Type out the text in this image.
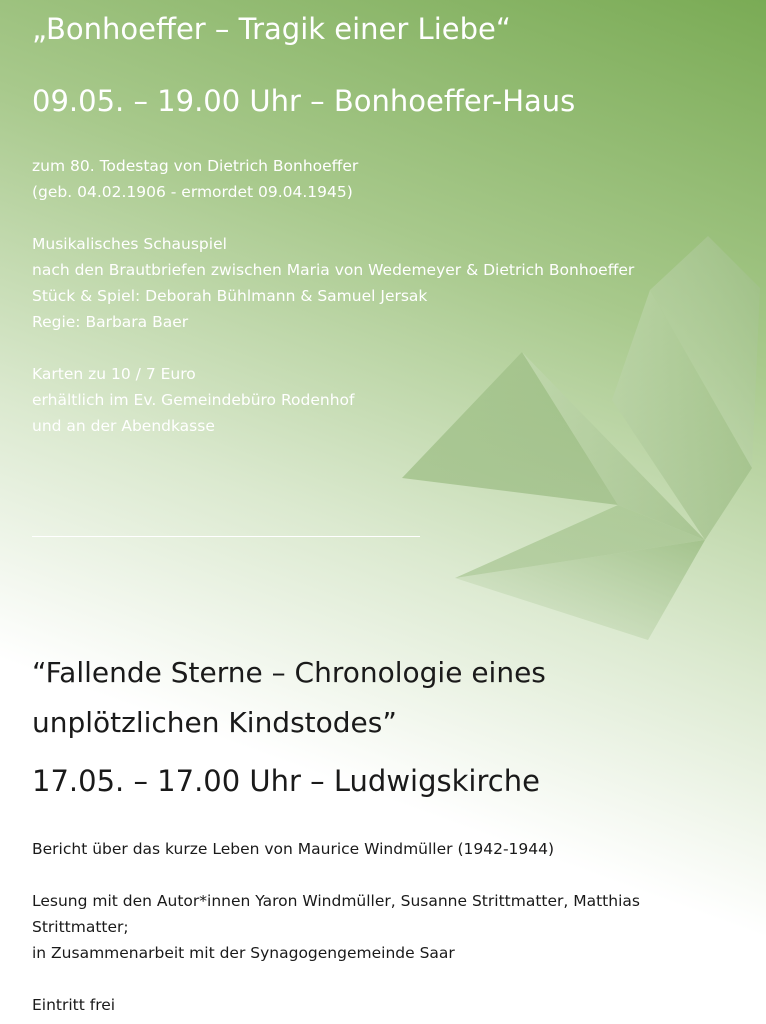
„Bonhoeffer – Tragik einer Liebe“
09.05. – 19.00 Uhr – Bonhoeffer-Haus
zum 80. Todestag von Dietrich Bonhoeffer
(geb. 04.02.1906 - ermordet 09.04.1945)
Musikalisches Schauspiel
nach den Brautbriefen zwischen Maria von Wedemeyer & Dietrich Bonhoeffer
Stück & Spiel: Deborah Bühlmann & Samuel Jersak
Regie: Barbara Baer
Karten zu 10 / 7 Euro
erhältlich im Ev. Gemeindebüro Rodenhof
und an der Abendkasse
“Fallende Sterne – Chronologie eines
unplötzlichen Kindstodes”
17.05. – 17.00 Uhr – Ludwigskirche
Bericht über das kurze Leben von Maurice Windmüller (1942-1944)
Lesung mit den Autor*innen Yaron Windmüller, Susanne Strittmatter, Matthias
Strittmatter;
in Zusammenarbeit mit der Synagogengemeinde Saar
Eintritt frei
